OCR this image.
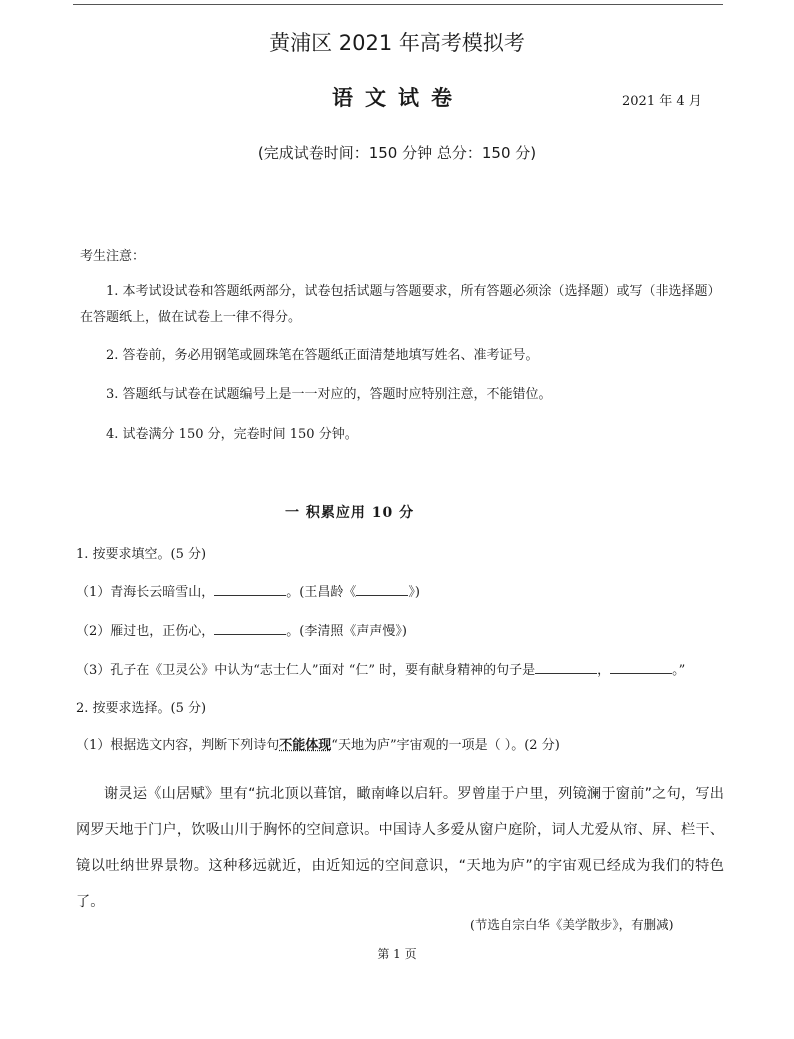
黄浦区 2021 年高考模拟考
语文试卷	2021 年 4 月
(完成试卷时间：150 分钟 总分：150 分)
考生注意：
1. 本考试设试卷和答题纸两部分，试卷包括试题与答题要求，所有答题必须涂（选择题）或写（非选择题）在答题纸上，做在试卷上一律不得分。
2. 答卷前，务必用钢笔或圆珠笔在答题纸正面清楚地填写姓名、准考证号。
3. 答题纸与试卷在试题编号上是一一对应的，答题时应特别注意，不能错位。
4. 试卷满分 150 分，完卷时间 150 分钟。
一 积累应用 10 分
1. 按要求填空。(5 分)
（1）青海长云暗雪山，	。(王昌龄《	》)
（2）雁过也，正伤心，	。(李清照《声声慢》)
（3）孔子在《卫灵公》中认为“志士仁人”面对 “仁” 时，要有献身精神的句子是	，	。”
2. 按要求选择。(5 分)
（1）根据选文内容，判断下列诗句不能体现“天地为庐”宇宙观的一项是（ ）。(2 分)
谢灵运《山居赋》里有“抗北顶以葺馆，瞰南峰以启轩。罗曾崖于户里，列镜澜于窗前”之句，写出网罗天地于门户，饮吸山川于胸怀的空间意识。中国诗人多爱从窗户庭阶，词人尤爱从帘、屏、栏干、镜以吐纳世界景物。这种移远就近，由近知远的空间意识，“天地为庐”的宇宙观已经成为我们的特色了。
(节选自宗白华《美学散步》，有删减)
第 1 页
